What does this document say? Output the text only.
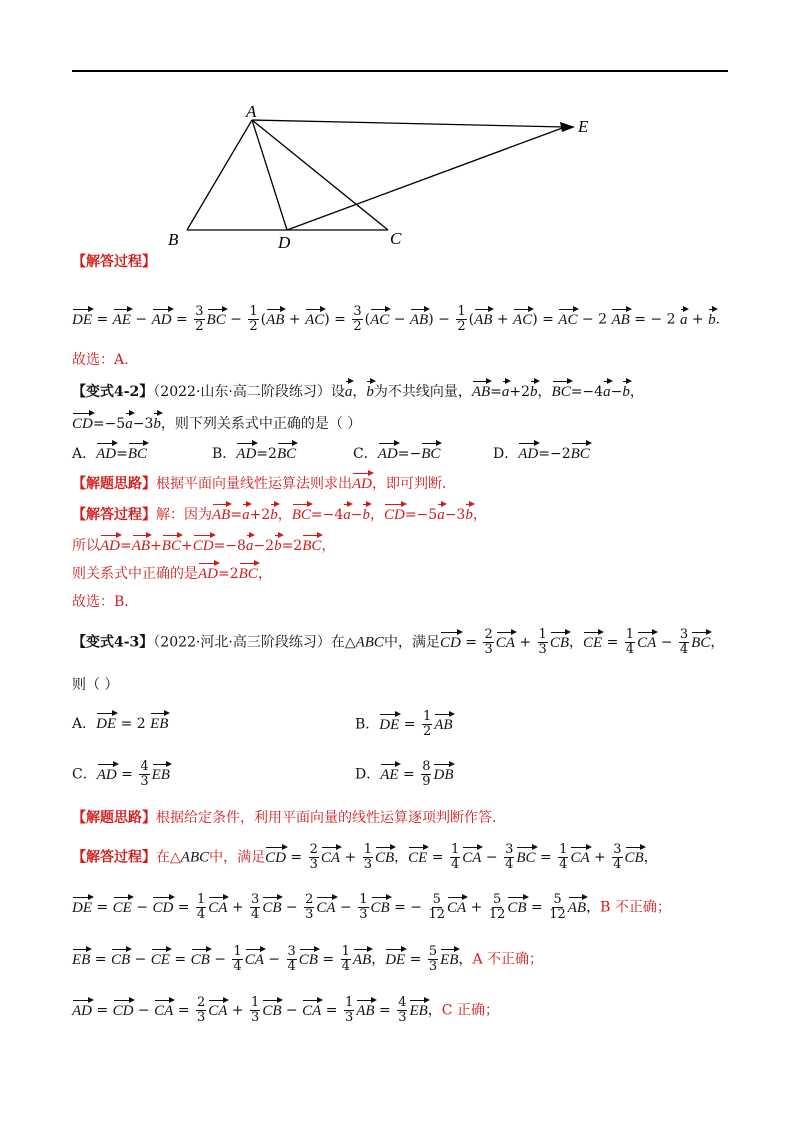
A
B	C
D
E
【解答过程】
DE = AE − AD = $\frac{3}{2}$ BC − $\frac{1}{2} (AB + AC) = \frac{3}{2} (AC - AB) - \frac{1}{2} (AB + AC)$ = AC − 2 AB = − 2 a + b.
故选：A.
【变式4-2】（2022·山东·高二阶段练习）设a，b为不共线向量，AB=a+2b，BC=−4a−b，
CD=−5a−3b，则下列关系式中正确的是（ ）
A．AD=BC	B．AD=2BC	C．AD=−BC	D．AD=−2BC
【解题思路】根据平面向量线性运算法则求出AD，即可判断.
【解答过程】解：因为AB=a+2b，BC=−4a−b，CD=−5a−3b，
所以AD=AB+BC+CD=−8a−2b=2BC，
则关系式中正确的是AD=2BC，
故选：B.
【变式4-3】（2022·河北·高三阶段练习）在△ABC中，满足CD = $\frac{2}{3}$ CA + $\frac{1}{3}$ CB，CE = $\frac{1}{4}$ CA − $\frac{3}{4}$ BC，
则（ ）
A．DE = 2 EB	B．DE = $\frac{1}{2}$ AB
C．AD = $\frac{4}{3}$ EB	D．AE = $\frac{8}{9}$ DB
【解题思路】根据给定条件，利用平面向量的线性运算逐项判断作答.
【解答过程】在△ABC中，满足CD = $\frac{2}{3}$ CA + $\frac{1}{3}$ CB，CE = $\frac{1}{4}$ CA − $\frac{3}{4}$ BC = $\frac{1}{4}$ CA + $\frac{3}{4}$ CB，
DE = CE − CD = $\frac{1}{4}$ CA + $\frac{3}{4}$ CB − $\frac{2}{3}$ CA − $\frac{1}{3}$ CB = − $\frac{5}{12}$ CA + $\frac{5}{12}$ CB = $\frac{5}{12}$ AB，B 不正确；
EB = CB − CE = CB − $\frac{1}{4}$ CA − $\frac{3}{4}$ CB = $\frac{1}{4}$ AB，DE = $\frac{5}{3}$ EB，A 不正确；
AD = CD − CA = $\frac{2}{3}$ CA + $\frac{1}{3}$ CB − CA = $\frac{1}{3}$ AB = $\frac{4}{3}$ EB，C 正确；
